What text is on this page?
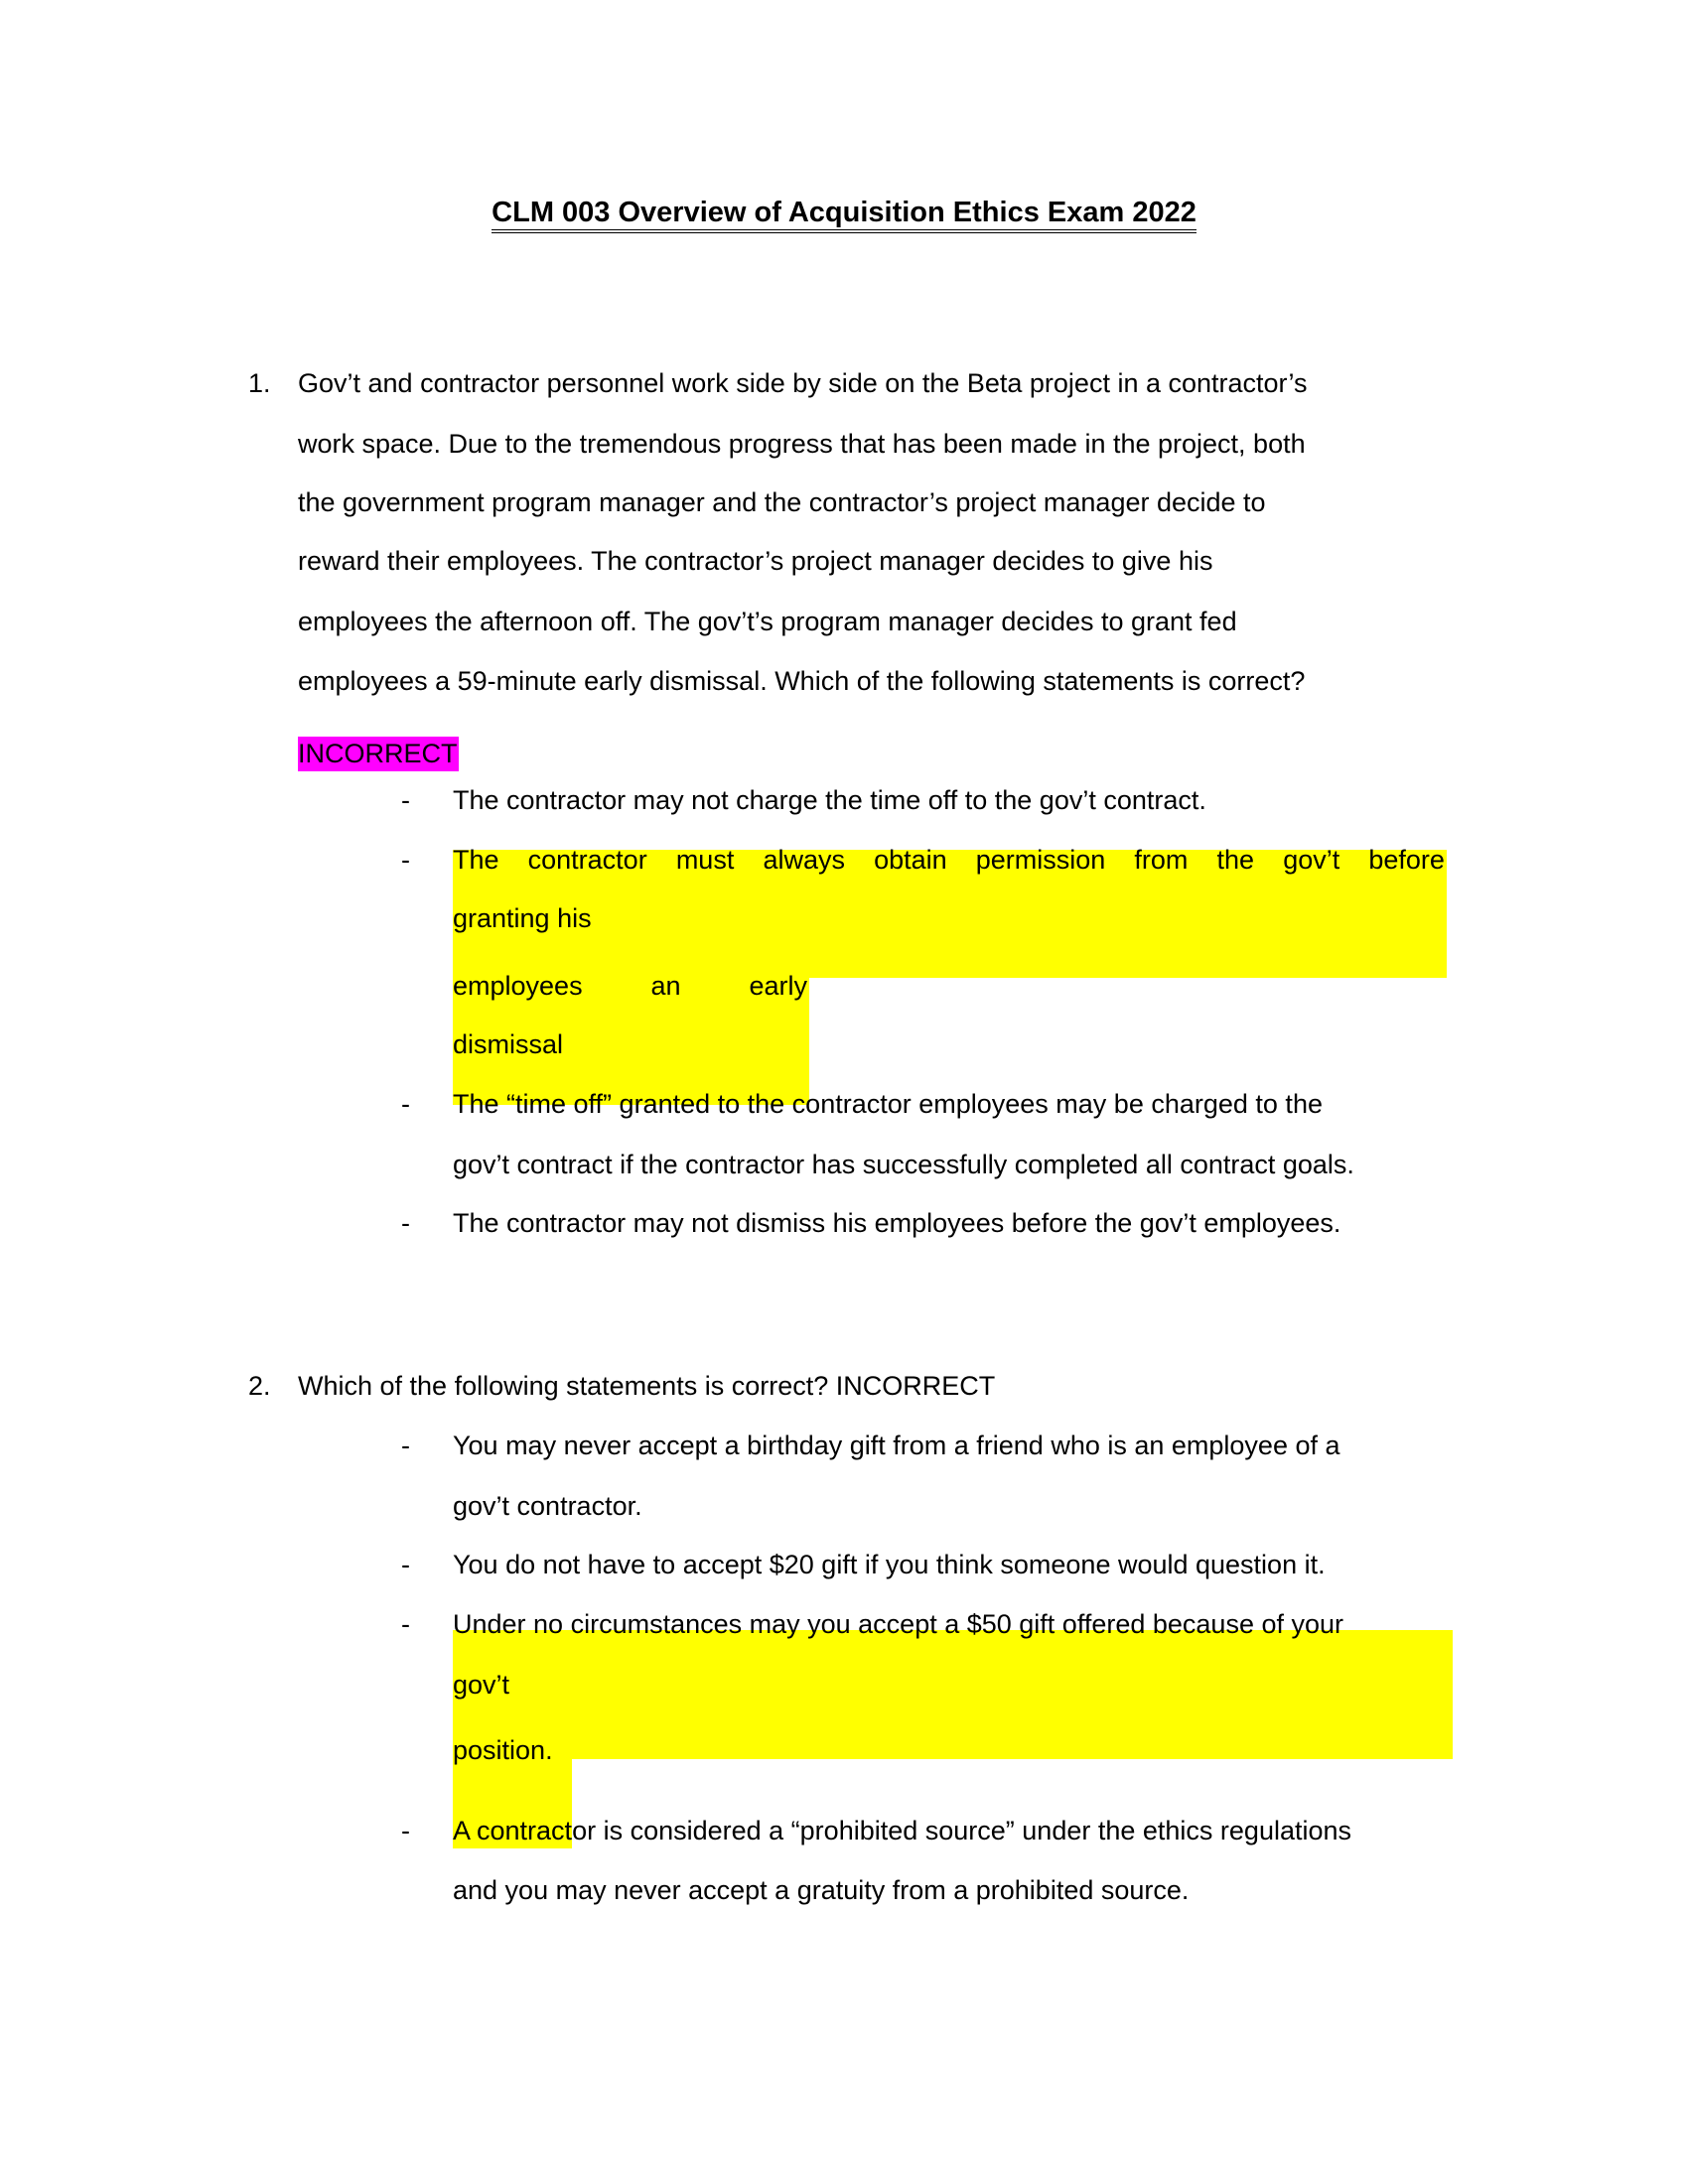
CLM 003 Overview of Acquisition Ethics Exam 2022
1. Gov’t and contractor personnel work side by side on the Beta project in a contractor’s
work space. Due to the tremendous progress that has been made in the project, both
the government program manager and the contractor’s project manager decide to
reward their employees. The contractor’s project manager decides to give his
employees the afternoon off. The gov’t’s program manager decides to grant fed
employees a 59-minute early dismissal. Which of the following statements is correct?
INCORRECT
- The contractor may not charge the time off to the gov’t contract.
- The contractor must always obtain permission from the gov’t before
granting his
employees	an	early
dismissal
- The “time off” granted to the contractor employees may be charged to the
gov’t contract if the contractor has successfully completed all contract goals.
- The contractor may not dismiss his employees before the gov’t employees.
2. Which of the following statements is correct? INCORRECT
- You may never accept a birthday gift from a friend who is an employee of a
gov’t contractor.
- You do not have to accept $20 gift if you think someone would question it.
- Under no circumstances may you accept a $50 gift offered because of your
gov’t
position.
- A contractor is considered a “prohibited source” under the ethics regulations
and you may never accept a gratuity from a prohibited source.
